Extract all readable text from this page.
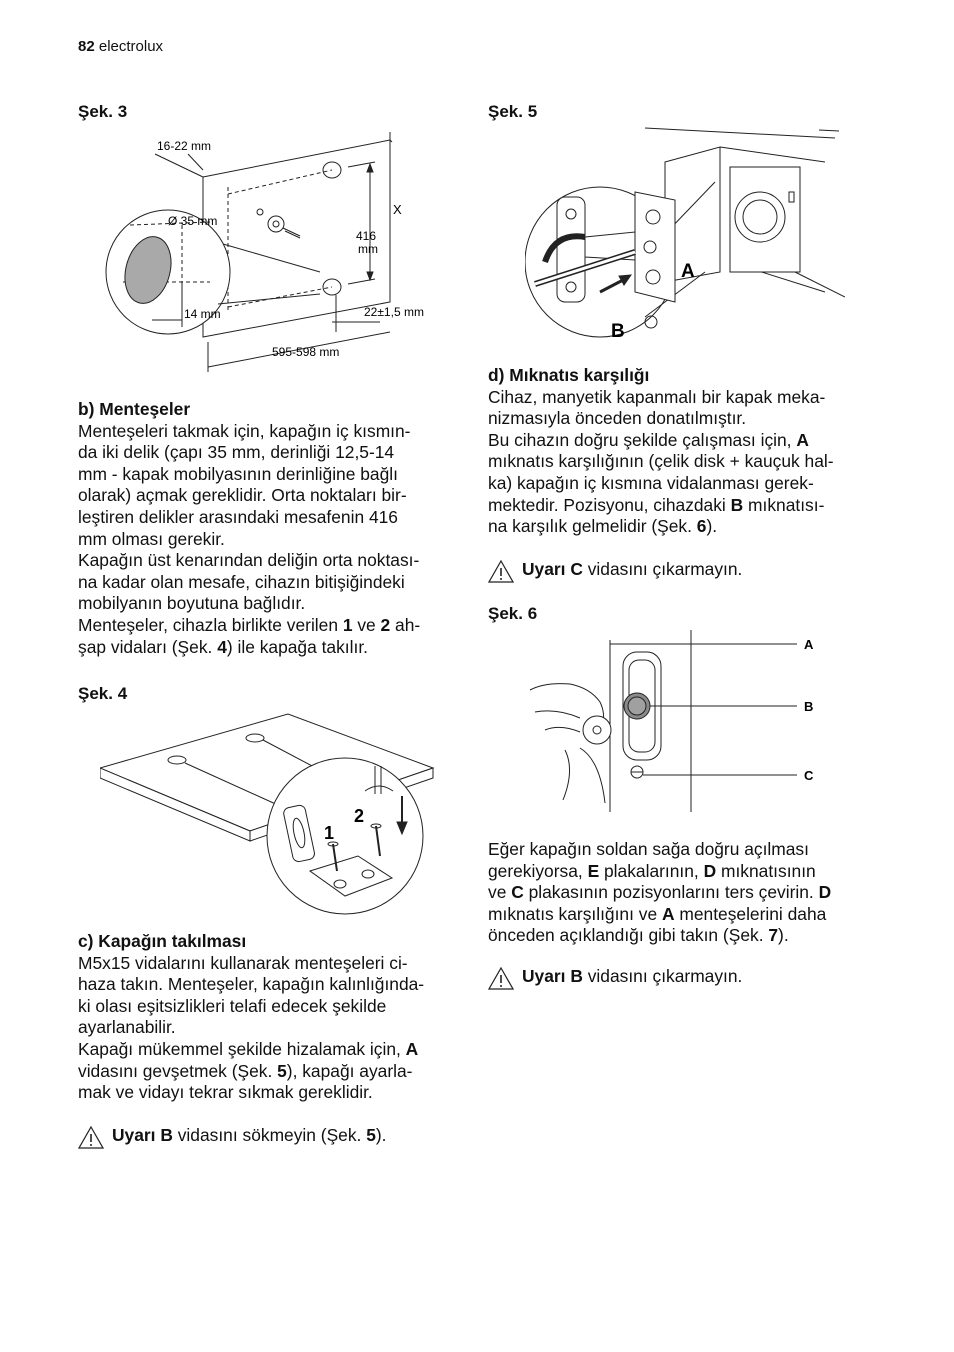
82 electrolux
Şek. 3
16-22 mm
Ø 35 mm
X
416
mm
14 mm	22±1,5 mm
595-598 mm

b) Menteşeler

Menteşeleri takmak için, kapağın iç kısmın-

da iki delik (çapı 35 mm, derinliği 12,5-14

mm - kapak mobilyasının derinliğine bağlı

olarak) açmak gereklidir. Orta noktaları bir-

leştiren delikler arasındaki mesafenin 416

mm olması gerekir.

Kapağın üst kenarından deliğin orta noktası-

na kadar olan mesafe, cihazın bitişiğindeki

mobilyanın boyutuna bağlıdır.

Menteşeler, cihazla birlikte verilen 1 ve 2 ah-

şap vidaları (Şek. 4) ile kapağa takılır.

Şek. 4
1
2

c) Kapağın takılması

M5x15 vidalarını kullanarak menteşeleri ci-

haza takın. Menteşeler, kapağın kalınlığında-

ki olası eşitsizlikleri telafi edecek şekilde

ayarlanabilir.

Kapağı mükemmel şekilde hizalamak için, A

vidasını gevşetmek (Şek. 5), kapağı ayarla-

mak ve vidayı tekrar sıkmak gereklidir.

Uyarı B vidasını sökmeyin (Şek. 5).
Şek. 5
A
B

d) Mıknatıs karşılığı

Cihaz, manyetik kapanmalı bir kapak meka-

nizmasıyla önceden donatılmıştır.

Bu cihazın doğru şekilde çalışması için, A

mıknatıs karşılığının (çelik disk + kauçuk hal-

ka) kapağın iç kısmına vidalanması gerek-

mektedir. Pozisyonu, cihazdaki B mıknatısı-

na karşılık gelmelidir (Şek. 6).

Uyarı C vidasını çıkarmayın.
Şek. 6
A
B
C

Eğer kapağın soldan sağa doğru açılması

gerekiyorsa, E plakalarının, D mıknatısının

ve C plakasının pozisyonlarını ters çevirin. D

mıknatıs karşılığını ve A menteşelerini daha

önceden açıklandığı gibi takın (Şek. 7).

Uyarı B vidasını çıkarmayın.
